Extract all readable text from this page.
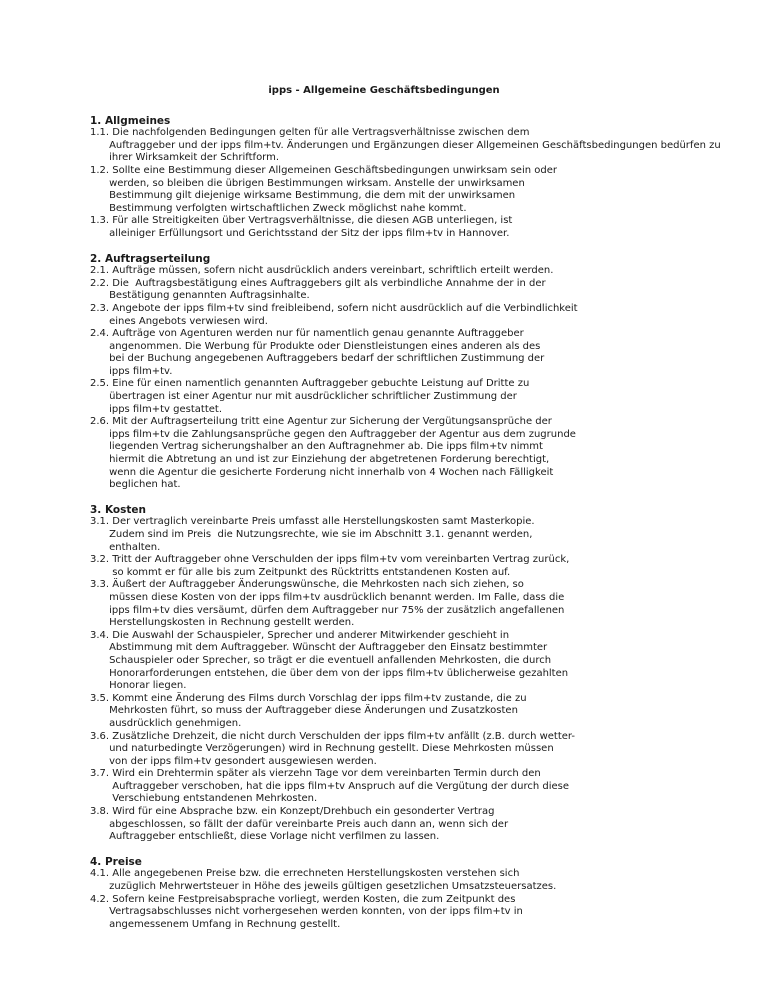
ipps - Allgemeine Geschäftsbedingungen
1. Allgmeines
1.1. Die nachfolgenden Bedingungen gelten für alle Vertragsverhältnisse zwischen dem
Auftraggeber und der ipps film+tv. Änderungen und Ergänzungen dieser Allgemeinen Geschäftsbedingungen bedürfen zu
ihrer Wirksamkeit der Schriftform.
1.2. Sollte eine Bestimmung dieser Allgemeinen Geschäftsbedingungen unwirksam sein oder
werden, so bleiben die übrigen Bestimmungen wirksam. Anstelle der unwirksamen
Bestimmung gilt diejenige wirksame Bestimmung, die dem mit der unwirksamen
Bestimmung verfolgten wirtschaftlichen Zweck möglichst nahe kommt.
1.3. Für alle Streitigkeiten über Vertragsverhältnisse, die diesen AGB unterliegen, ist
alleiniger Erfüllungsort und Gerichtsstand der Sitz der ipps film+tv in Hannover.
2. Auftragserteilung
2.1. Aufträge müssen, sofern nicht ausdrücklich anders vereinbart, schriftlich erteilt werden.
2.2. Die  Auftragsbestätigung eines Auftraggebers gilt als verbindliche Annahme der in der
Bestätigung genannten Auftragsinhalte.
2.3. Angebote der ipps film+tv sind freibleibend, sofern nicht ausdrücklich auf die Verbindlichkeit
eines Angebots verwiesen wird.
2.4. Aufträge von Agenturen werden nur für namentlich genau genannte Auftraggeber
angenommen. Die Werbung für Produkte oder Dienstleistungen eines anderen als des
bei der Buchung angegebenen Auftraggebers bedarf der schriftlichen Zustimmung der
ipps film+tv.
2.5. Eine für einen namentlich genannten Auftraggeber gebuchte Leistung auf Dritte zu
übertragen ist einer Agentur nur mit ausdrücklicher schriftlicher Zustimmung der
ipps film+tv gestattet.
2.6. Mit der Auftragserteilung tritt eine Agentur zur Sicherung der Vergütungsansprüche der
ipps film+tv die Zahlungsansprüche gegen den Auftraggeber der Agentur aus dem zugrunde
liegenden Vertrag sicherungshalber an den Auftragnehmer ab. Die ipps film+tv nimmt
hiermit die Abtretung an und ist zur Einziehung der abgetretenen Forderung berechtigt,
wenn die Agentur die gesicherte Forderung nicht innerhalb von 4 Wochen nach Fälligkeit
beglichen hat.
3. Kosten
3.1. Der vertraglich vereinbarte Preis umfasst alle Herstellungskosten samt Masterkopie.
Zudem sind im Preis  die Nutzungsrechte, wie sie im Abschnitt 3.1. genannt werden,
enthalten.
3.2. Tritt der Auftraggeber ohne Verschulden der ipps film+tv vom vereinbarten Vertrag zurück,
so kommt er für alle bis zum Zeitpunkt des Rücktritts entstandenen Kosten auf.
3.3. Äußert der Auftraggeber Änderungswünsche, die Mehrkosten nach sich ziehen, so
müssen diese Kosten von der ipps film+tv ausdrücklich benannt werden. Im Falle, dass die
ipps film+tv dies versäumt, dürfen dem Auftraggeber nur 75% der zusätzlich angefallenen
Herstellungskosten in Rechnung gestellt werden.
3.4. Die Auswahl der Schauspieler, Sprecher und anderer Mitwirkender geschieht in
Abstimmung mit dem Auftraggeber. Wünscht der Auftraggeber den Einsatz bestimmter
Schauspieler oder Sprecher, so trägt er die eventuell anfallenden Mehrkosten, die durch
Honorarforderungen entstehen, die über dem von der ipps film+tv üblicherweise gezahlten
Honorar liegen.
3.5. Kommt eine Änderung des Films durch Vorschlag der ipps film+tv zustande, die zu
Mehrkosten führt, so muss der Auftraggeber diese Änderungen und Zusatzkosten
ausdrücklich genehmigen.
3.6. Zusätzliche Drehzeit, die nicht durch Verschulden der ipps film+tv anfällt (z.B. durch wetter-
und naturbedingte Verzögerungen) wird in Rechnung gestellt. Diese Mehrkosten müssen
von der ipps film+tv gesondert ausgewiesen werden.
3.7. Wird ein Drehtermin später als vierzehn Tage vor dem vereinbarten Termin durch den
Auftraggeber verschoben, hat die ipps film+tv Anspruch auf die Vergütung der durch diese
Verschiebung entstandenen Mehrkosten.
3.8. Wird für eine Absprache bzw. ein Konzept/Drehbuch ein gesonderter Vertrag
abgeschlossen, so fällt der dafür vereinbarte Preis auch dann an, wenn sich der
Auftraggeber entschließt, diese Vorlage nicht verfilmen zu lassen.
4. Preise
4.1. Alle angegebenen Preise bzw. die errechneten Herstellungskosten verstehen sich
zuzüglich Mehrwertsteuer in Höhe des jeweils gültigen gesetzlichen Umsatzsteuersatzes.
4.2. Sofern keine Festpreisabsprache vorliegt, werden Kosten, die zum Zeitpunkt des
Vertragsabschlusses nicht vorhergesehen werden konnten, von der ipps film+tv in
angemessenem Umfang in Rechnung gestellt.
